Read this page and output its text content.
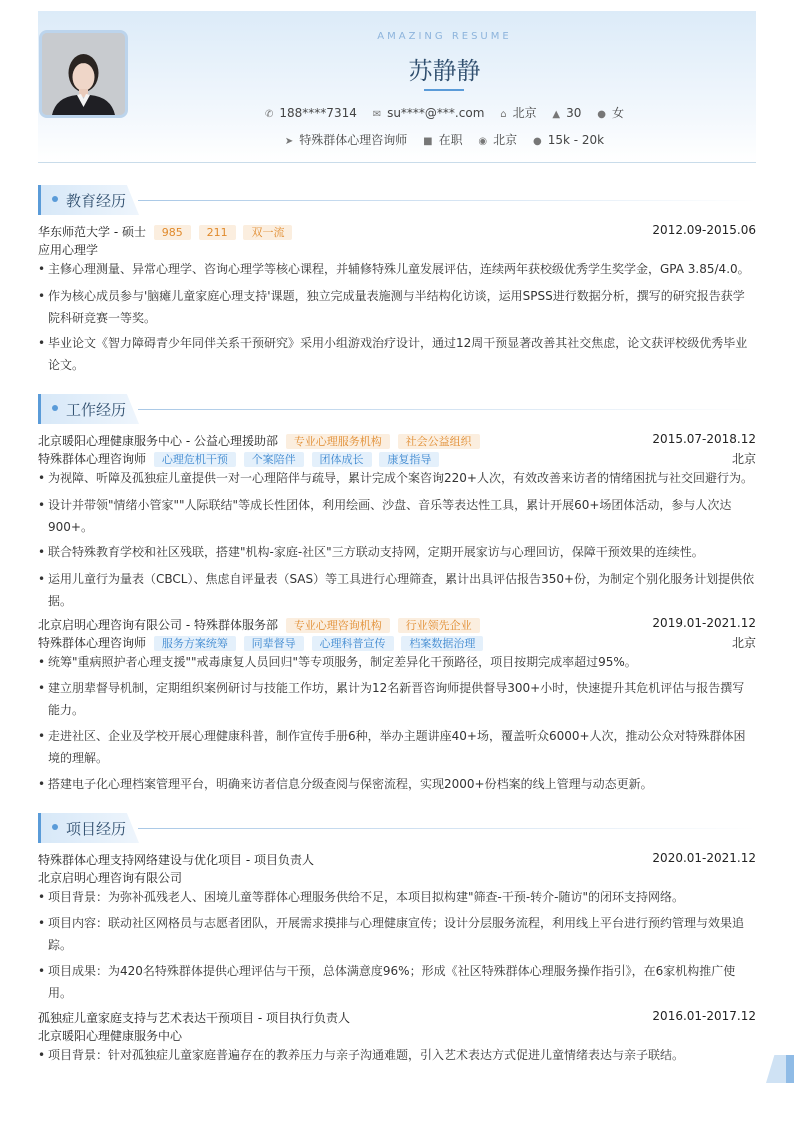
AMAZING RESUME
苏静静
✆ 188****7314 ✉ su****@***.com ⌂ 北京 ▲ 30 ● 女
➤ 特殊群体心理咨询师 ■ 在职 ◉ 北京 ● 15k - 20k
教育经历
华东师范大学 - 硕士 985 211 双一流	2012.09-2015.06
应用心理学
• 主修心理测量、异常心理学、咨询心理学等核心课程，并辅修特殊儿童发展评估，连续两年获校级优秀学生奖学金，GPA 3.85/4.0。
• 作为核心成员参与'脑瘫儿童家庭心理支持'课题，独立完成量表施测与半结构化访谈，运用SPSS进行数据分析，撰写的研究报告获学院科研竞赛一等奖。
• 毕业论文《智力障碍青少年同伴关系干预研究》采用小组游戏治疗设计，通过12周干预显著改善其社交焦虑，论文获评校级优秀毕业论文。
工作经历
北京暖阳心理健康服务中心 - 公益心理援助部 专业心理服务机构 社会公益组织	2015.07-2018.12
特殊群体心理咨询师 心理危机干预 个案陪伴 团体成长 康复指导	北京
• 为视障、听障及孤独症儿童提供一对一心理陪伴与疏导，累计完成个案咨询220+人次，有效改善来访者的情绪困扰与社交回避行为。
• 设计并带领"情绪小管家""人际联结"等成长性团体，利用绘画、沙盘、音乐等表达性工具，累计开展60+场团体活动，参与人次达900+。
• 联合特殊教育学校和社区残联，搭建"机构-家庭-社区"三方联动支持网，定期开展家访与心理回访，保障干预效果的连续性。
• 运用儿童行为量表（CBCL）、焦虑自评量表（SAS）等工具进行心理筛查，累计出具评估报告350+份，为制定个别化服务计划提供依据。
北京启明心理咨询有限公司 - 特殊群体服务部 专业心理咨询机构 行业领先企业	2019.01-2021.12
特殊群体心理咨询师 服务方案统筹 同辈督导 心理科普宣传 档案数据治理	北京
• 统筹"重病照护者心理支援""戒毒康复人员回归"等专项服务，制定差异化干预路径，项目按期完成率超过95%。
• 建立朋辈督导机制，定期组织案例研讨与技能工作坊，累计为12名新晋咨询师提供督导300+小时，快速提升其危机评估与报告撰写能力。
• 走进社区、企业及学校开展心理健康科普，制作宣传手册6种，举办主题讲座40+场，覆盖听众6000+人次，推动公众对特殊群体困境的理解。
• 搭建电子化心理档案管理平台，明确来访者信息分级查阅与保密流程，实现2000+份档案的线上管理与动态更新。
项目经历
特殊群体心理支持网络建设与优化项目 - 项目负责人	2020.01-2021.12
北京启明心理咨询有限公司
• 项目背景：为弥补孤残老人、困境儿童等群体心理服务供给不足，本项目拟构建"筛查-干预-转介-随访"的闭环支持网络。
• 项目内容：联动社区网格员与志愿者团队，开展需求摸排与心理健康宣传；设计分层服务流程，利用线上平台进行预约管理与效果追踪。
• 项目成果：为420名特殊群体提供心理评估与干预，总体满意度96%；形成《社区特殊群体心理服务操作指引》，在6家机构推广使用。
孤独症儿童家庭支持与艺术表达干预项目 - 项目执行负责人	2016.01-2017.12
北京暖阳心理健康服务中心
• 项目背景：针对孤独症儿童家庭普遍存在的教养压力与亲子沟通难题，引入艺术表达方式促进儿童情绪表达与亲子联结。
